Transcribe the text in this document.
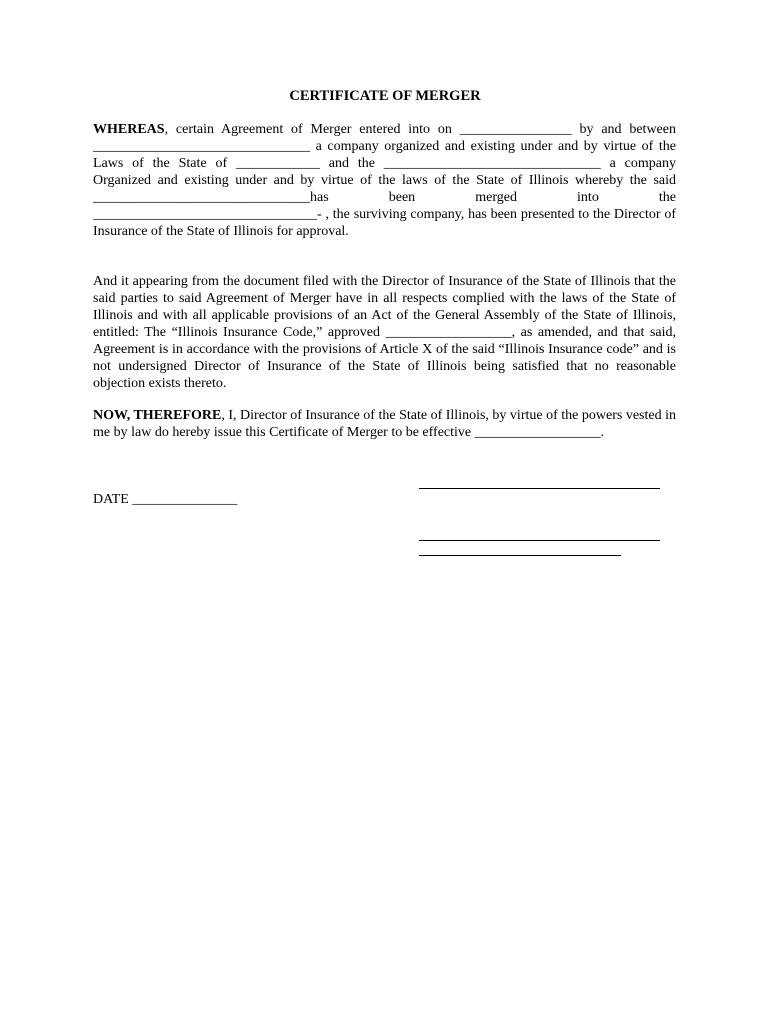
CERTIFICATE OF MERGER

WHEREAS, certain Agreement of Merger entered into on ________________ by and between _______________________________ a company organized and existing under and by virtue of the Laws of the State of ____________ and the _______________________________ a company Organized and existing under and by virtue of the laws of the State of Illinois whereby the said _______________________________has been merged into the ________________________________- , the surviving company, has been presented to the Director of Insurance of the State of Illinois for approval.

And it appearing from the document filed with the Director of Insurance of the State of Illinois that the said parties to said Agreement of Merger have in all respects complied with the laws of the State of Illinois and with all applicable provisions of an Act of the General Assembly of the State of Illinois, entitled: The “Illinois Insurance Code,” approved __________________, as amended, and that said, Agreement is in accordance with the provisions of Article X of the said “Illinois Insurance code” and is not undersigned Director of Insurance of the State of Illinois being satisfied that no reasonable objection exists thereto.

NOW, THEREFORE, I, Director of Insurance of the State of Illinois, by virtue of the powers vested in me by law do hereby issue this Certificate of Merger to be effective __________________.

DATE _______________
